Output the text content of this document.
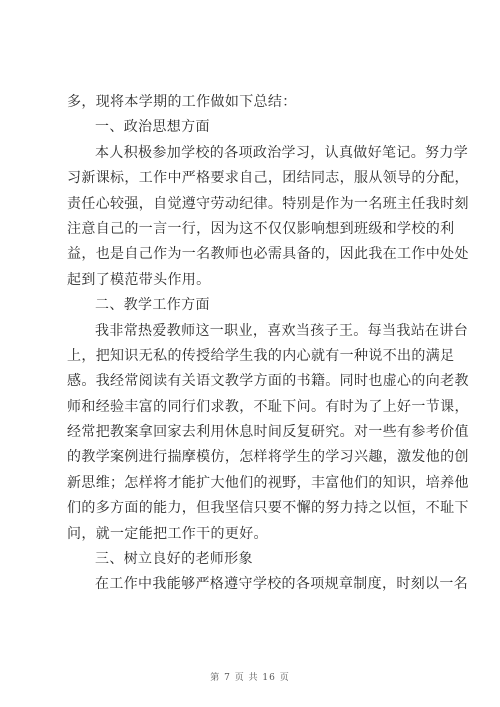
多，现将本学期的工作做如下总结：
一、政治思想方面
本人积极参加学校的各项政治学习，认真做好笔记。努力学
习新课标，工作中严格要求自己，团结同志，服从领导的分配，
责任心较强，自觉遵守劳动纪律。特别是作为一名班主任我时刻
注意自己的一言一行，因为这不仅仅影响想到班级和学校的利
益，也是自己作为一名教师也必需具备的，因此我在工作中处处
起到了模范带头作用。
二、教学工作方面
我非常热爱教师这一职业，喜欢当孩子王。每当我站在讲台
上，把知识无私的传授给学生我的内心就有一种说不出的满足
感。我经常阅读有关语文教学方面的书籍。同时也虚心的向老教
师和经验丰富的同行们求教，不耻下问。有时为了上好一节课，
经常把教案拿回家去利用休息时间反复研究。对一些有参考价值
的教学案例进行揣摩模仿，怎样将学生的学习兴趣，激发他的创
新思维；怎样将才能扩大他们的视野，丰富他们的知识，培养他
们的多方面的能力，但我坚信只要不懈的努力持之以恒，不耻下
问，就一定能把工作干的更好。
三、树立良好的老师形象
在工作中我能够严格遵守学校的各项规章制度，时刻以一名
第 7 页 共 16 页
